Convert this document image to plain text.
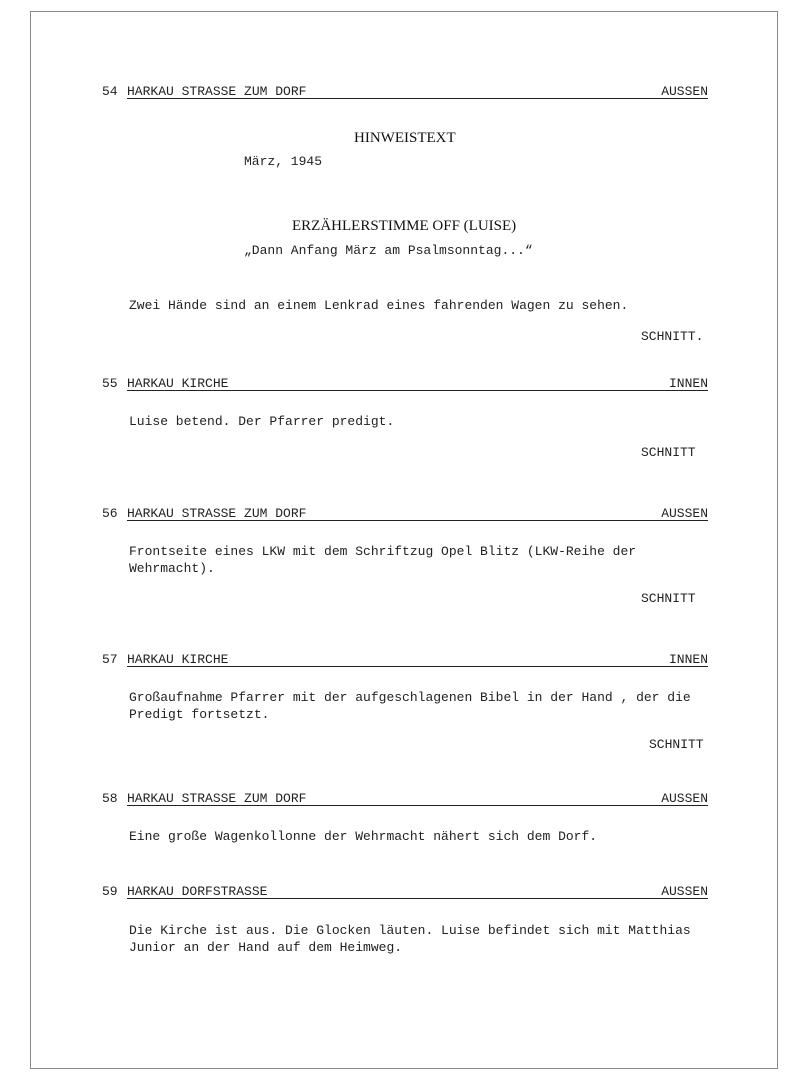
54 HARKAU STRASSE ZUM DORF	AUSSEN
HINWEISTEXT
März, 1945
ERZÄHLERSTIMME OFF (LUISE)
„Dann Anfang März am Psalmsonntag...“
Zwei Hände sind an einem Lenkrad eines fahrenden Wagen zu sehen.
SCHNITT.
55 HARKAU KIRCHE	INNEN
Luise betend. Der Pfarrer predigt.
SCHNITT
56 HARKAU STRASSE ZUM DORF	AUSSEN
Frontseite eines LKW mit dem Schriftzug Opel Blitz (LKW-Reihe der Wehrmacht).
SCHNITT
57 HARKAU KIRCHE	INNEN
Großaufnahme Pfarrer mit der aufgeschlagenen Bibel in der Hand , der die Predigt fortsetzt.
SCHNITT
58 HARKAU STRASSE ZUM DORF	AUSSEN
Eine große Wagenkollonne der Wehrmacht nähert sich dem Dorf.
59 HARKAU DORFSTRASSE	AUSSEN
Die Kirche ist aus. Die Glocken läuten. Luise befindet sich mit Matthias Junior an der Hand auf dem Heimweg.
